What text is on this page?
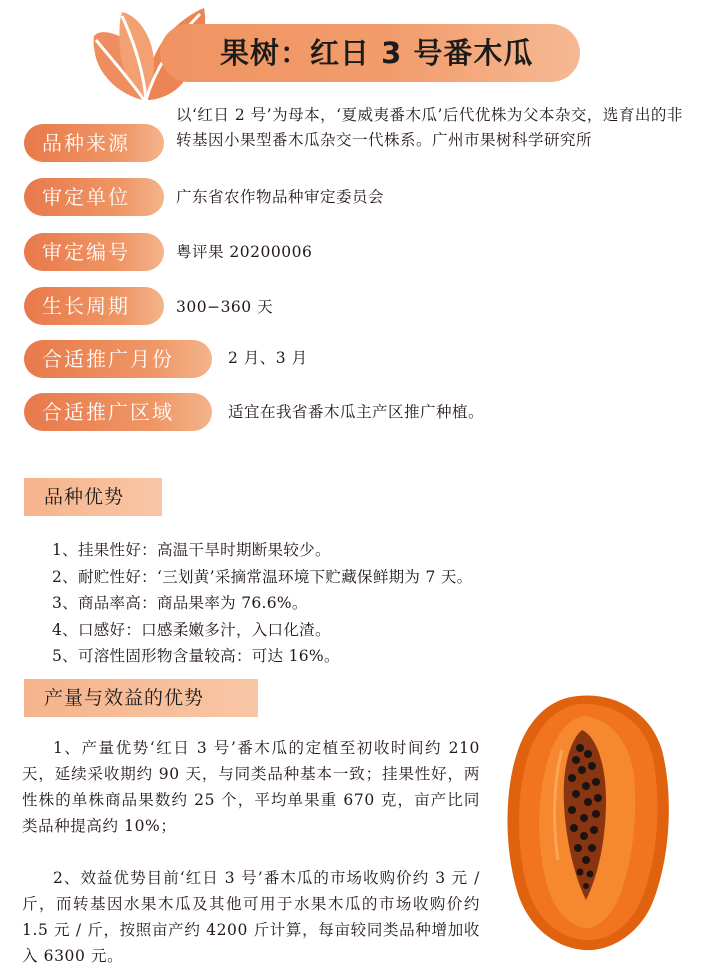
果树：红日 3 号番木瓜
品种来源
以‘红日 2 号’为母本，‘夏威夷番木瓜’后代优株为父本杂交，选育出的非转基因小果型番木瓜杂交一代株系。广州市果树科学研究所
审定单位	广东省农作物品种审定委员会
审定编号	粤评果 20200006
生长周期	300−360 天
合适推广月份	2 月、3 月
合适推广区域	适宜在我省番木瓜主产区推广种植。
品种优势
1、挂果性好：高温干旱时期断果较少。
2、耐贮性好：‘三划黄’采摘常温环境下贮藏保鲜期为 7 天。
3、商品率高：商品果率为 76.6%。
4、口感好：口感柔嫩多汁，入口化渣。
5、可溶性固形物含量较高：可达 16%。
产量与效益的优势

1、产量优势‘红日 3 号’番木瓜的定植至初收时间约 210 天，延续采收期约 90 天，与同类品种基本一致；挂果性好，两性株的单株商品果数约 25 个，平均单果重 670 克，亩产比同类品种提高约 10%；

2、效益优势目前‘红日 3 号’番木瓜的市场收购价约 3 元 / 斤，而转基因水果木瓜及其他可用于水果木瓜的市场收购价约 1.5 元 / 斤，按照亩产约 4200 斤计算，每亩较同类品种增加收入 6300 元。
